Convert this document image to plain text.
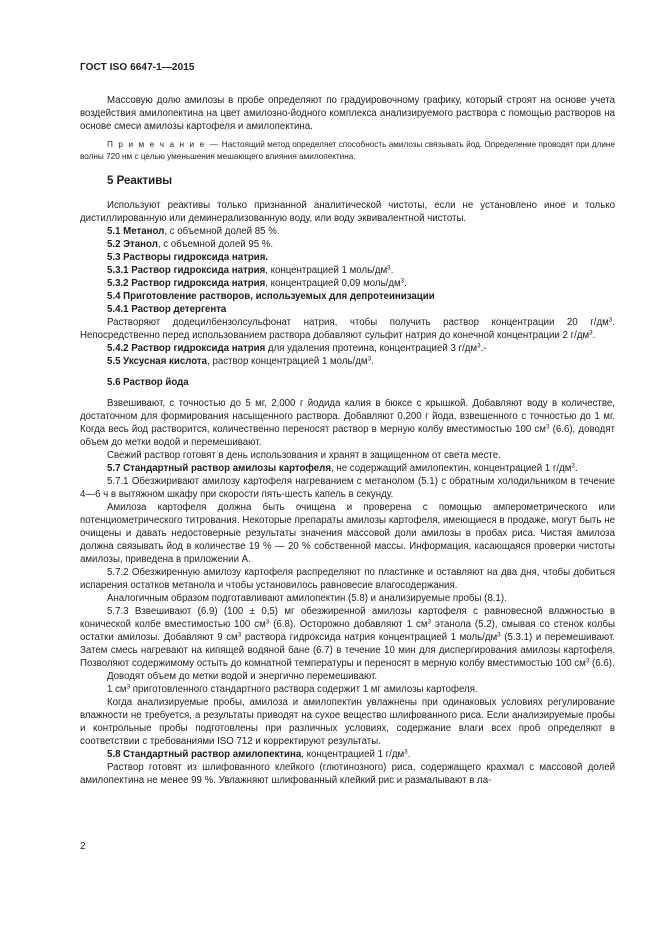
ГОСТ ISO 6647-1—2015

Массовую долю амилозы в пробе определяют по градуировочному графику, который строят на основе учета воздействия амилопектина на цвет амилозно-йодного комплекса анализируемого раствора с помощью растворов на основе смеси амилозы картофеля и амилопектина.

П р и м е ч а н и е — Настоящий метод определяет способность амилозы связывать йод. Определение проводят при длине волны 720 нм с целью уменьшения мешающего влияния амилопектина.

5 Реактивы

Используют реактивы только признанной аналитической чистоты, если не установлено иное и только дистиллированную или деминерализованную воду, или воду эквивалентной чистоты.

5.1 Метанол, с объемной долей 85 %.

5.2 Этанол, с объемной долей 95 %.

5.3 Растворы гидроксида натрия.

5.3.1 Раствор гидроксида натрия, концентрацией 1 моль/$дм^3$.

5.3.2 Раствор гидроксида натрия, концентрацией 0,09 моль/$дм^3$.

5.4 Приготовление растворов, используемых для депротеинизации

5.4.1 Раствор детергента

Растворяют додецилбензолсульфонат натрия, чтобы получить раствор концентрации 20 $г/дм^3$. Непосредственно перед использованием раствора добавляют сульфит натрия до конечной концентрации 2 $г/дм^3$.

5.4.2 Раствор гидроксида натрия для удаления протеина, концентрацией 3 $г/дм^3.-$

5.5 Уксусная кислота, раствор концентрацией 1 моль/$дм^3$.

5.6 Раствор йода

Взвешивают, с точностью до 5 мг, 2,000 г йодида калия в бюксе с крышкой. Добавляют воду в количестве, достаточном для формирования насыщенного раствора. Добавляют 0,200 г йода, взвешенного с точностью до 1 мг. Когда весь йод растворится, количественно переносят раствор в мерную колбу вместимостью 100 $см^3$ (6.6), доводят объем до метки водой и перемешивают.

Свежий раствор готовят в день использования и хранят в защищенном от света месте.

5.7 Стандартный раствор амилозы картофеля, не содержащий амилопектин, концентрацией 1 $г/дм^3$.

5.7.1 Обезжиривают амилозу картофеля нагреванием с метанолом (5.1) с обратным холодильником в течение 4—6 ч в вытяжном шкафу при скорости пять-шесть капель в секунду.

Амилоза картофеля должна быть очищена и проверена с помощью амперометрического или потенциометрического титрования. Некоторые препараты амилозы картофеля, имеющиеся в продаже, могут быть не очищены и давать недостоверные результаты значения массовой доли амилозы в пробах риса. Чистая амилоза должна связывать йод в количестве 19 % — 20 % собственной массы. Информация, касающаяся проверки чистоты амилозы, приведена в приложении А.

5.7.2 Обезжиренную амилозу картофеля распределяют по пластинке и оставляют на два дня, чтобы добиться испарения остатков метанола и чтобы установилось равновесие влагосодержания.

Аналогичным образом подготавливают амилопектин (5.8) и анализируемые пробы (8.1).

5.7.3 Взвешивают (6.9) (100 ± 0,5) мг обезжиренной амилозы картофеля с равновесной влажностью в конической колбе вместимостью 100 $см^3$ (6.8). Осторожно добавляют 1 $см^3$ этанола (5.2), смывая со стенок колбы остатки амилозы. Добавляют 9 $см^3$ раствора гидроксида натрия концентрацией 1 моль/$дм^3$ (5.3.1) и перемешивают. Затем смесь нагревают на кипящей водяной бане (6.7) в течение 10 мин для диспергирования амилозы картофеля. Позволяют содержимому остыть до комнатной температуры и переносят в мерную колбу вместимостью 100 $см^3$ (6.6).

Доводят объем до метки водой и энергично перемешивают.

1 $см^3$ приготовленного стандартного раствора содержит 1 мг амилозы картофеля.

Когда анализируемые пробы, амилоза и амилопектин увлажнены при одинаковых условиях регулирование влажности не требуется, а результаты приводят на сухое вещество шлифованного риса. Если анализируемые пробы и контрольные пробы подготовлены при различных условиях, содержание влаги всех проб определяют в соответствии с требованиями ISO 712 и корректируют результаты.

5.8 Стандартный раствор амилопектина, концентрацией 1 $г/дм^3$.

Раствор готовят из шлифованного клейкого (глютинозного) риса, содержащего крахмал с массовой долей амилопектина не менее 99 %. Увлажняют шлифованный клейкий рис и размалывают в ла-

2
